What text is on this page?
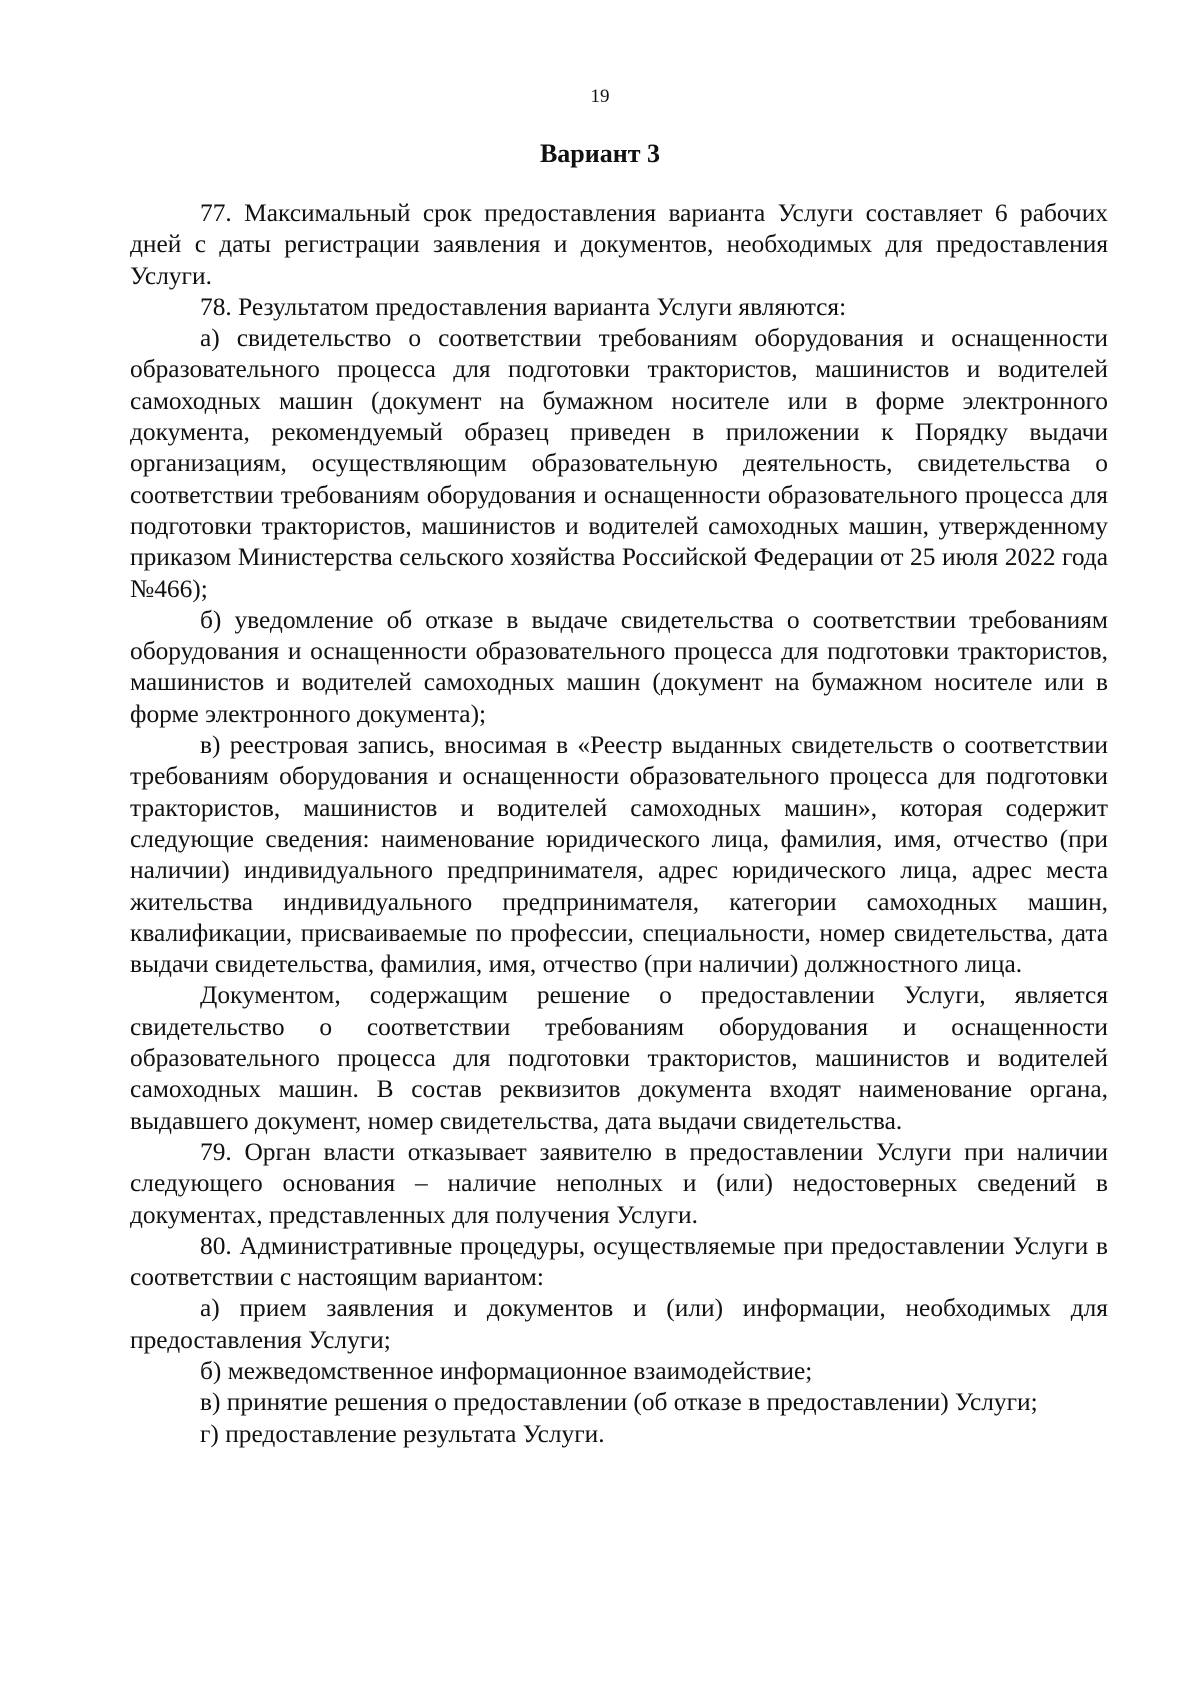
19
Вариант 3

77. Максимальный срок предоставления варианта Услуги составляет 6 рабочих дней с даты регистрации заявления и документов, необходимых для предоставления Услуги.

78. Результатом предоставления варианта Услуги являются:

а) свидетельство о соответствии требованиям оборудования и оснащенности образовательного процесса для подготовки трактористов, машинистов и водителей самоходных машин (документ на бумажном носителе или в форме электронного документа, рекомендуемый образец приведен в приложении к Порядку выдачи организациям, осуществляющим образовательную деятельность, свидетельства о соответствии требованиям оборудования и оснащенности образовательного процесса для подготовки трактористов, машинистов и водителей самоходных машин, утвержденному приказом Министерства сельского хозяйства Российской Федерации от 25 июля 2022 года №466);

б) уведомление об отказе в выдаче свидетельства о соответствии требованиям оборудования и оснащенности образовательного процесса для подготовки трактористов, машинистов и водителей самоходных машин (документ на бумажном носителе или в форме электронного документа);

в) реестровая запись, вносимая в «Реестр выданных свидетельств о соответствии требованиям оборудования и оснащенности образовательного процесса для подготовки трактористов, машинистов и водителей самоходных машин», которая содержит следующие сведения: наименование юридического лица, фамилия, имя, отчество (при наличии) индивидуального предпринимателя, адрес юридического лица, адрес места жительства индивидуального предпринимателя, категории самоходных машин, квалификации, присваиваемые по профессии, специальности, номер свидетельства, дата выдачи свидетельства, фамилия, имя, отчество (при наличии) должностного лица.

Документом, содержащим решение о предоставлении Услуги, является свидетельство о соответствии требованиям оборудования и оснащенности образовательного процесса для подготовки трактористов, машинистов и водителей самоходных машин. В состав реквизитов документа входят наименование органа, выдавшего документ, номер свидетельства, дата выдачи свидетельства.

79. Орган власти отказывает заявителю в предоставлении Услуги при наличии следующего основания – наличие неполных и (или) недостоверных сведений в документах, представленных для получения Услуги.

80. Административные процедуры, осуществляемые при предоставлении Услуги в соответствии с настоящим вариантом:

а) прием заявления и документов и (или) информации, необходимых для предоставления Услуги;

б) межведомственное информационное взаимодействие;

в) принятие решения о предоставлении (об отказе в предоставлении) Услуги;

г) предоставление результата Услуги.
